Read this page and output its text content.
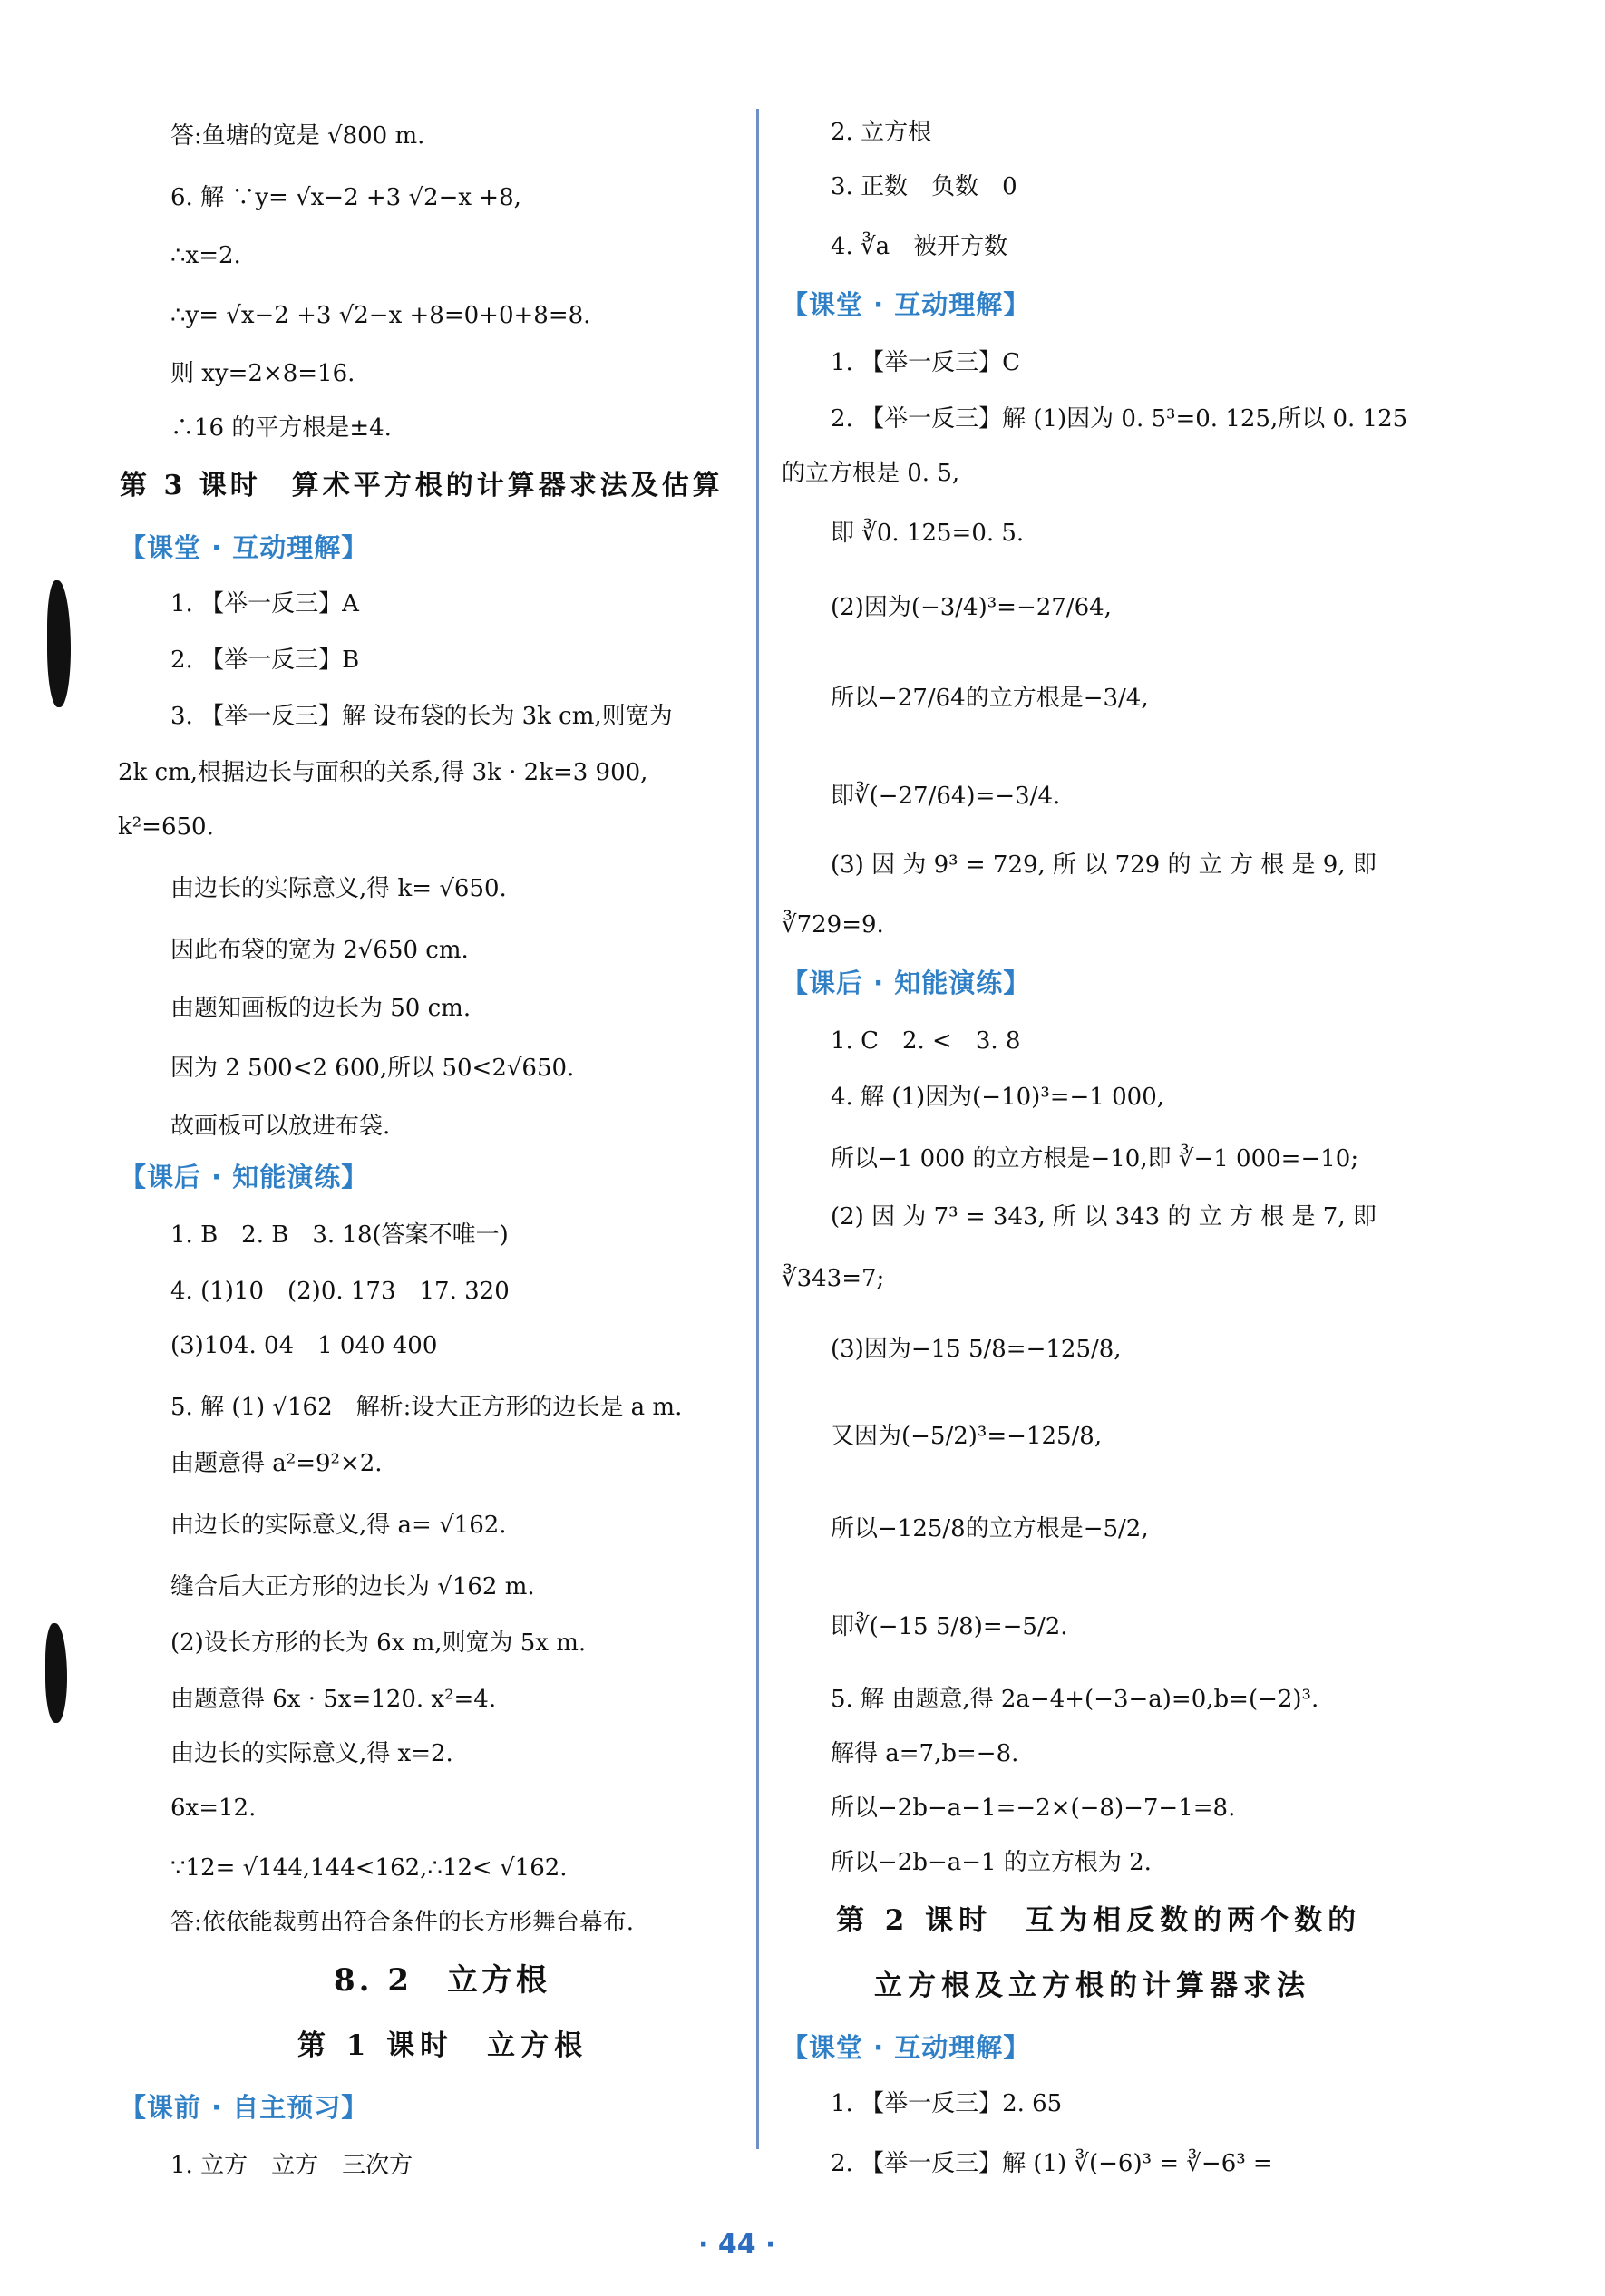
答:鱼塘的宽是 √800 m.
6. 解 ∵y= √x−2 +3 √2−x +8,
∴x=2.
∴y= √x−2 +3 √2−x +8=0+0+8=8.
则 xy=2×8=16.
∴16 的平方根是±4.
第 3 课时　算术平方根的计算器求法及估算
【课堂 · 互动理解】
1. 【举一反三】A
2. 【举一反三】B
3. 【举一反三】解 设布袋的长为 3k cm,则宽为
2k cm,根据边长与面积的关系,得 3k · 2k=3 900,
k²=650.
由边长的实际意义,得 k= √650.
因此布袋的宽为 2√650 cm.
由题知画板的边长为 50 cm.
因为 2 500<2 600,所以 50<2√650.
故画板可以放进布袋.
【课后 · 知能演练】
1. B　2. B　3. 18(答案不唯一)
4. (1)10　(2)0. 173　17. 320
(3)104. 04　1 040 400
5. 解 (1) √162　解析:设大正方形的边长是 a m.
由题意得 a²=9²×2.
由边长的实际意义,得 a= √162.
缝合后大正方形的边长为 √162 m.
(2)设长方形的长为 6x m,则宽为 5x m.
由题意得 6x · 5x=120. x²=4.
由边长的实际意义,得 x=2.
6x=12.
∵12= √144,144<162,∴12< √162.
答:依依能裁剪出符合条件的长方形舞台幕布.
8. 2　立方根
第 1 课时　立方根
【课前 · 自主预习】
1. 立方　立方　三次方
2. 立方根
3. 正数　负数　0
4. ∛a　被开方数
【课堂 · 互动理解】
1. 【举一反三】C
2. 【举一反三】解 (1)因为 0. 5³=0. 125,所以 0. 125
的立方根是 0. 5,
即 ∛0. 125=0. 5.
(2)因为(−3/4)³=−27/64,
所以−27/64的立方根是−3/4,
即∛(−27/64)=−3/4.
(3) 因 为 9³ = 729, 所 以 729 的 立 方 根 是 9, 即
∛729=9.
【课后 · 知能演练】
1. C　2. <　3. 8
4. 解 (1)因为(−10)³=−1 000,
所以−1 000 的立方根是−10,即 ∛−1 000=−10;
(2) 因 为 7³ = 343, 所 以 343 的 立 方 根 是 7, 即
∛343=7;
(3)因为−15 5/8=−125/8,
又因为(−5/2)³=−125/8,
所以−125/8的立方根是−5/2,
即∛(−15 5/8)=−5/2.
5. 解 由题意,得 2a−4+(−3−a)=0,b=(−2)³.
解得 a=7,b=−8.
所以−2b−a−1=−2×(−8)−7−1=8.
所以−2b−a−1 的立方根为 2.
第 2 课时　互为相反数的两个数的
立方根及立方根的计算器求法
【课堂 · 互动理解】
1. 【举一反三】2. 65
2. 【举一反三】解 (1) ∛(−6)³ = ∛−6³ =
· 44 ·
